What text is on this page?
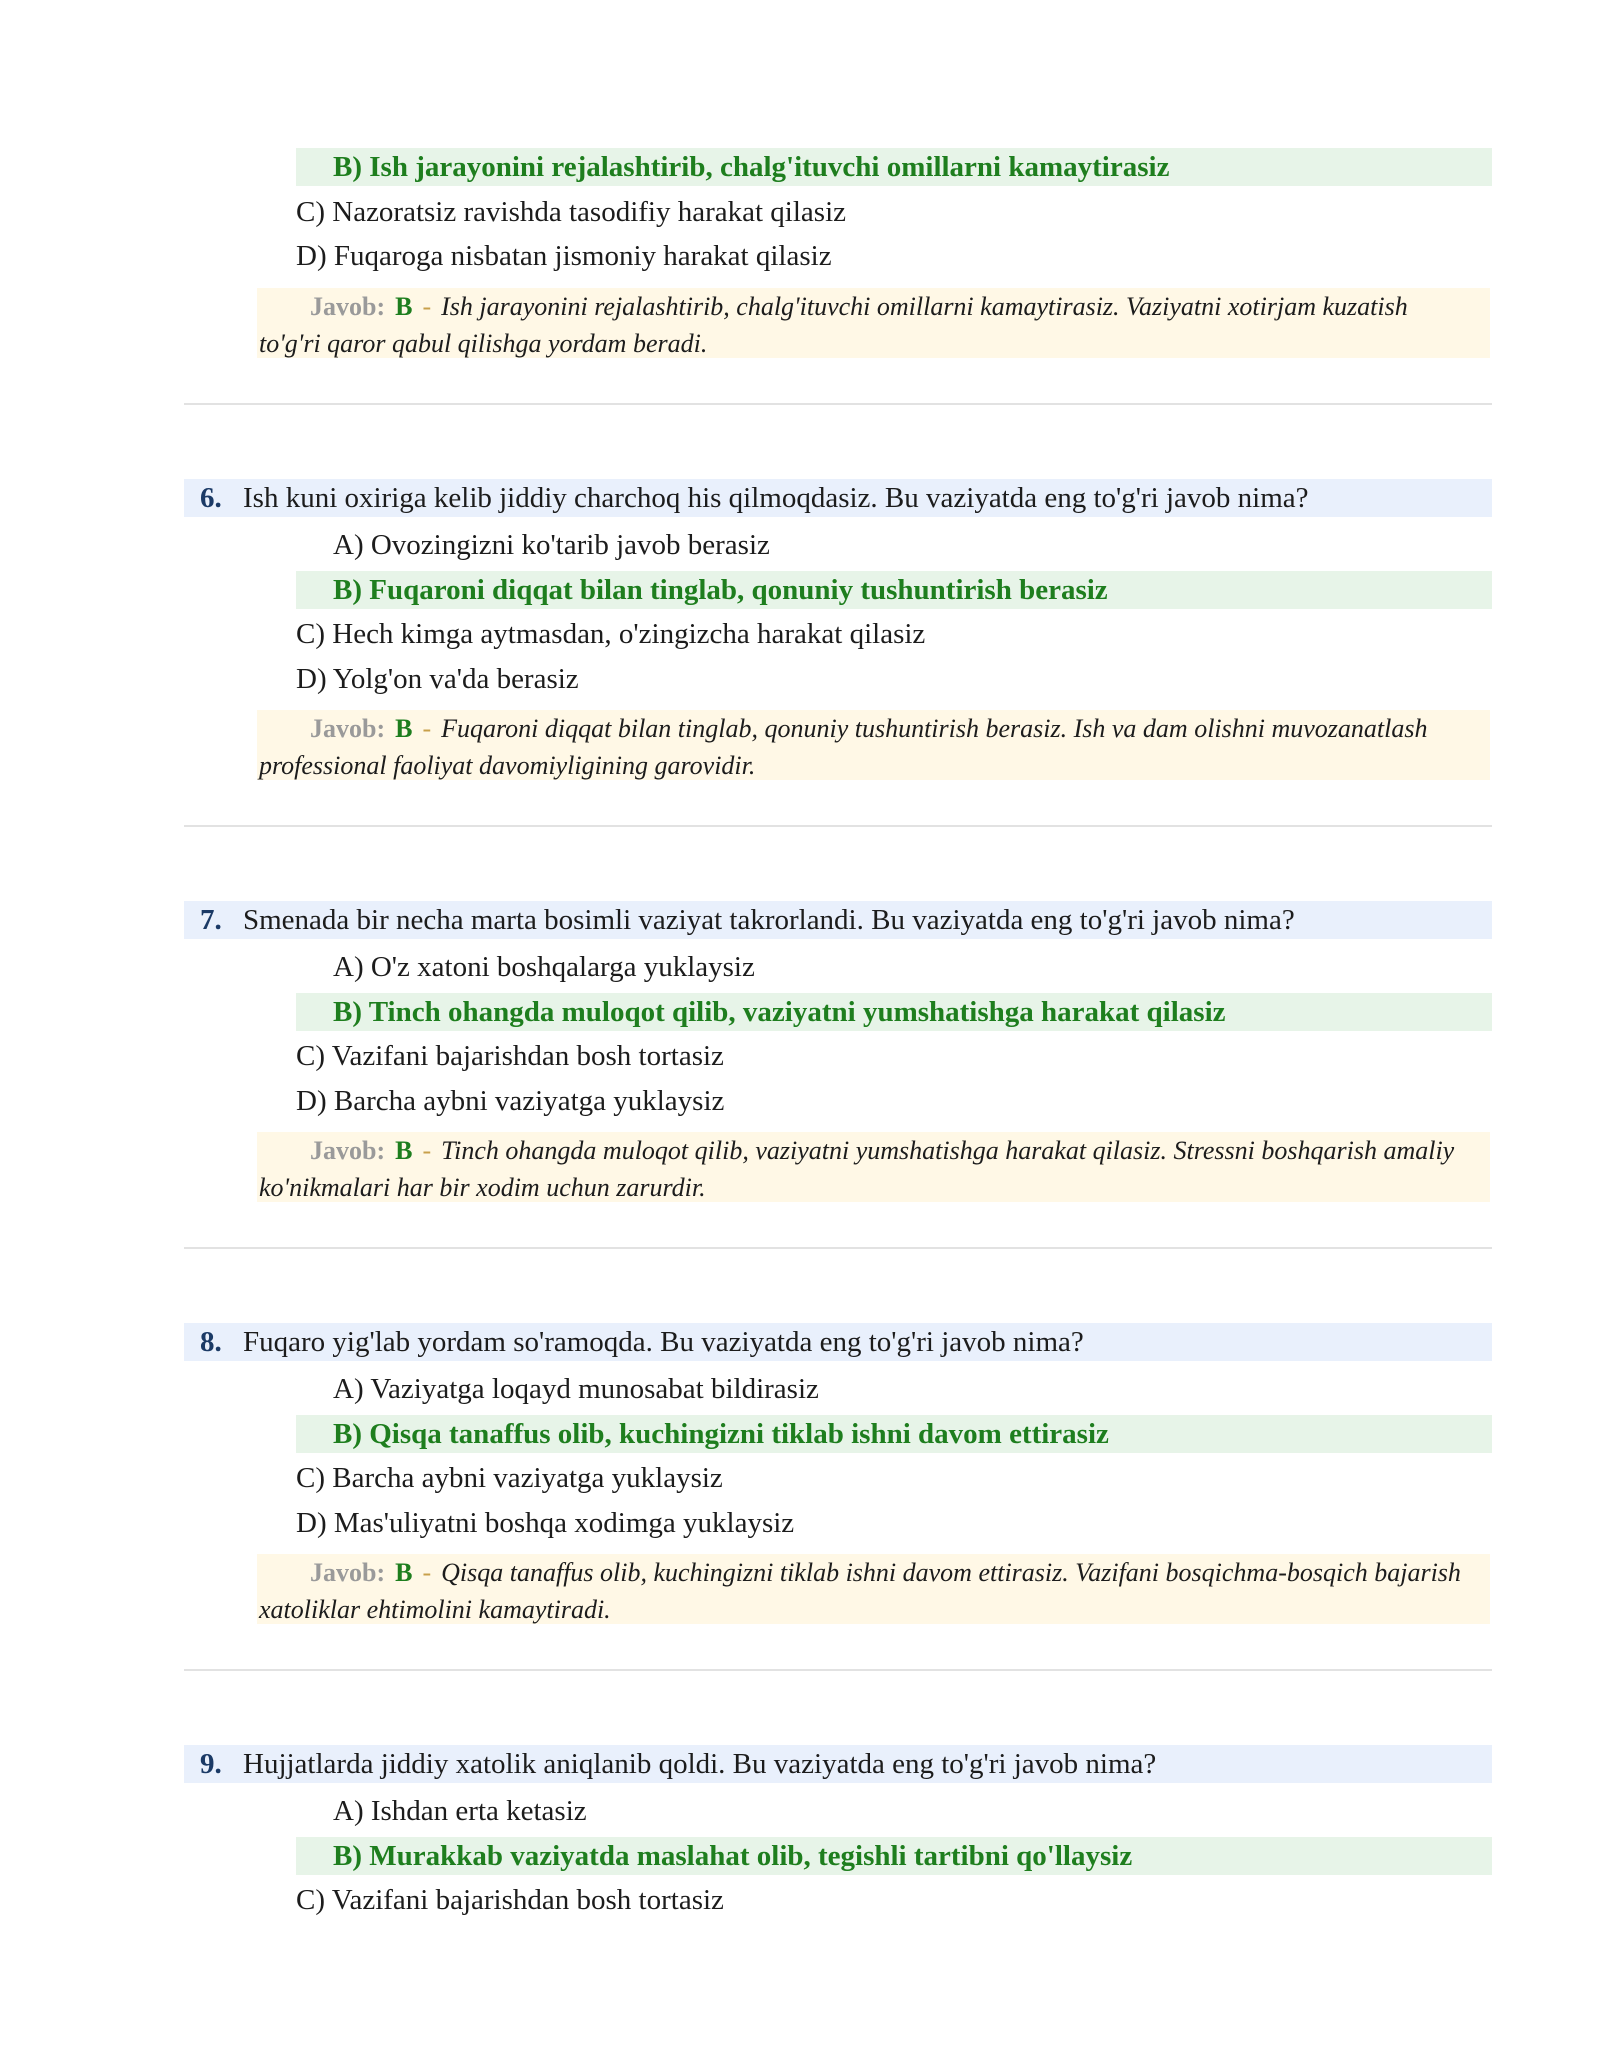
B) Ish jarayonini rejalashtirib, chalg'ituvchi omillarni kamaytirasiz
C) Nazoratsiz ravishda tasodifiy harakat qilasiz
D) Fuqaroga nisbatan jismoniy harakat qilasiz
Javob: B - Ish jarayonini rejalashtirib, chalg'ituvchi omillarni kamaytirasiz. Vaziyatni xotirjam kuzatish to'g'ri qaror qabul qilishga yordam beradi.
6. Ish kuni oxiriga kelib jiddiy charchoq his qilmoqdasiz. Bu vaziyatda eng to'g'ri javob nima?
A) Ovozingizni ko'tarib javob berasiz
B) Fuqaroni diqqat bilan tinglab, qonuniy tushuntirish berasiz
C) Hech kimga aytmasdan, o'zingizcha harakat qilasiz
D) Yolg'on va'da berasiz
Javob: B - Fuqaroni diqqat bilan tinglab, qonuniy tushuntirish berasiz. Ish va dam olishni muvozanatlash professional faoliyat davomiyligining garovidir.
7. Smenada bir necha marta bosimli vaziyat takrorlandi. Bu vaziyatda eng to'g'ri javob nima?
A) O'z xatoni boshqalarga yuklaysiz
B) Tinch ohangda muloqot qilib, vaziyatni yumshatishga harakat qilasiz
C) Vazifani bajarishdan bosh tortasiz
D) Barcha aybni vaziyatga yuklaysiz
Javob: B - Tinch ohangda muloqot qilib, vaziyatni yumshatishga harakat qilasiz. Stressni boshqarish amaliy ko'nikmalari har bir xodim uchun zarurdir.
8. Fuqaro yig'lab yordam so'ramoqda. Bu vaziyatda eng to'g'ri javob nima?
A) Vaziyatga loqayd munosabat bildirasiz
B) Qisqa tanaffus olib, kuchingizni tiklab ishni davom ettirasiz
C) Barcha aybni vaziyatga yuklaysiz
D) Mas'uliyatni boshqa xodimga yuklaysiz
Javob: B - Qisqa tanaffus olib, kuchingizni tiklab ishni davom ettirasiz. Vazifani bosqichma-bosqich bajarish xatoliklar ehtimolini kamaytiradi.
9. Hujjatlarda jiddiy xatolik aniqlanib qoldi. Bu vaziyatda eng to'g'ri javob nima?
A) Ishdan erta ketasiz
B) Murakkab vaziyatda maslahat olib, tegishli tartibni qo'llaysiz
C) Vazifani bajarishdan bosh tortasiz
